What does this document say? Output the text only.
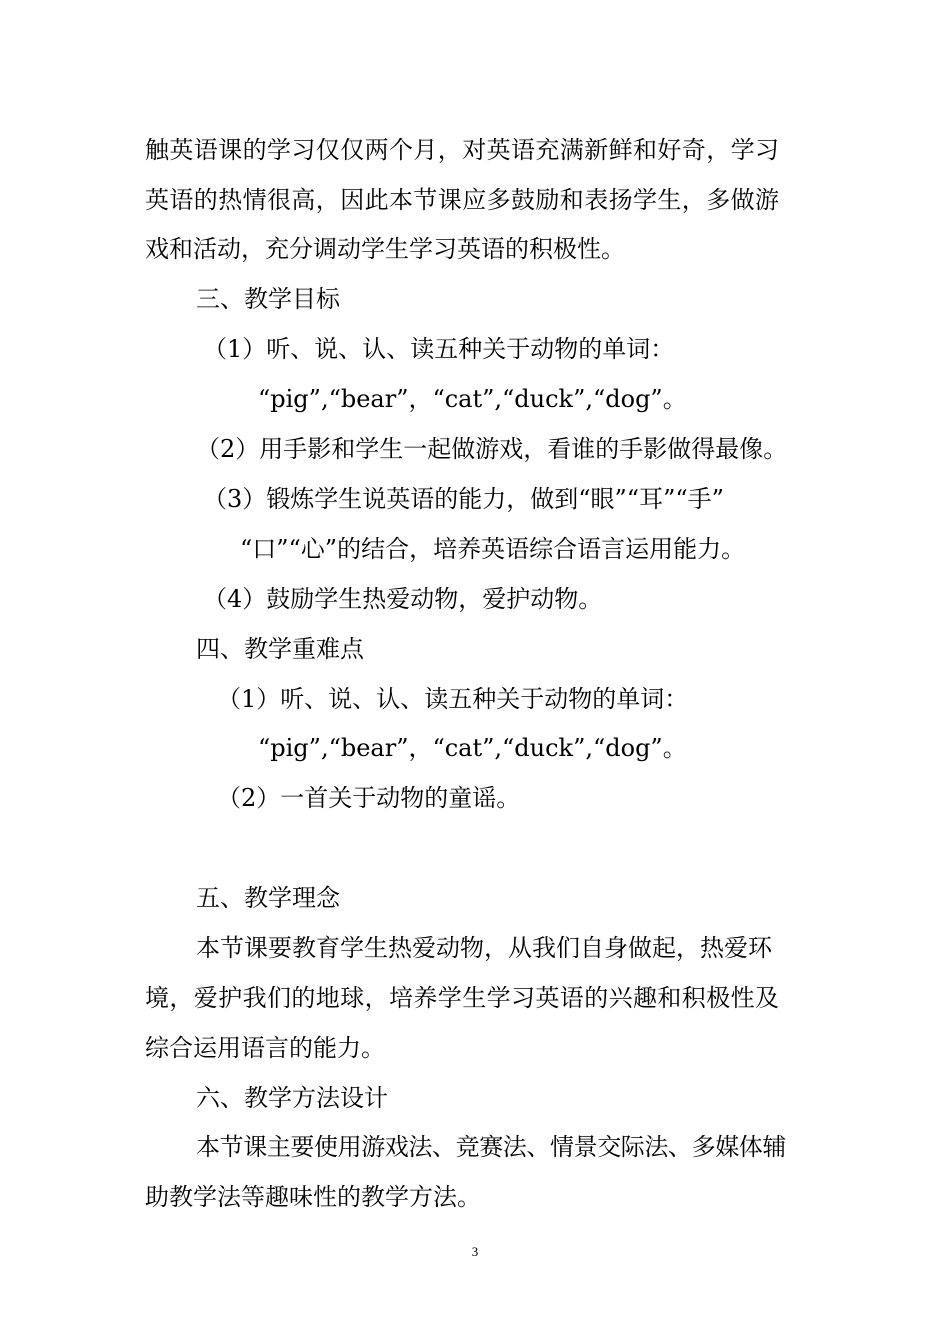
触英语课的学习仅仅两个月，对英语充满新鲜和好奇，学习
英语的热情很高，因此本节课应多鼓励和表扬学生，多做游
戏和活动，充分调动学生学习英语的积极性。
三、教学目标
（1）听、说、认、读五种关于动物的单词：
“pig”,“bear”，“cat”,“duck”,“dog”。
（2）用手影和学生一起做游戏，看谁的手影做得最像。
（3）锻炼学生说英语的能力，做到“眼”“耳”“手”
“口”“心”的结合，培养英语综合语言运用能力。
（4）鼓励学生热爱动物，爱护动物。
四、教学重难点
（1）听、说、认、读五种关于动物的单词：
“pig”,“bear”，“cat”,“duck”,“dog”。
（2）一首关于动物的童谣。
五、教学理念
本节课要教育学生热爱动物，从我们自身做起，热爱环
境，爱护我们的地球，培养学生学习英语的兴趣和积极性及
综合运用语言的能力。
六、教学方法设计
本节课主要使用游戏法、竞赛法、情景交际法、多媒体辅
助教学法等趣味性的教学方法。
3
